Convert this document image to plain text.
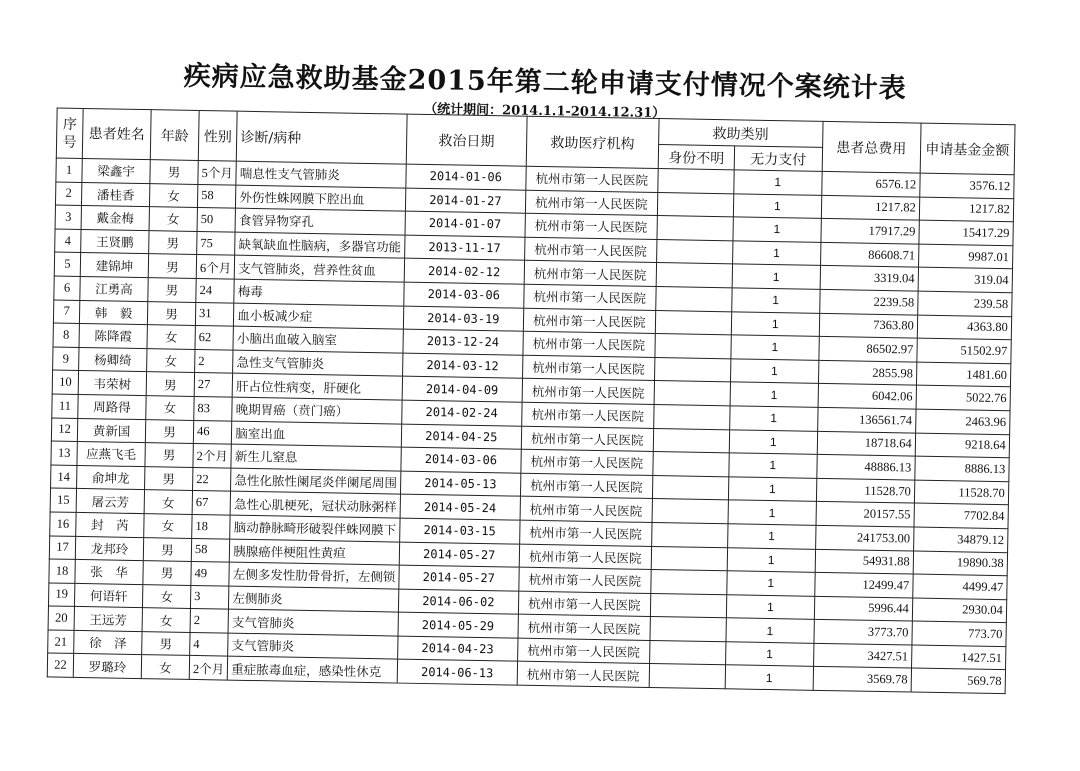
疾病应急救助基金2015年第二轮申请支付情况个案统计表
（统计期间：2014.1.1-2014.12.31）
序号	患者姓名	年龄	性别	诊断/病种	救治日期	救助医疗机构	救助类别		患者总费用	申请基金金额
							身份不明	无力支付		
1	梁鑫宇	男	5个月	喘息性支气管肺炎	2014-01-06	杭州市第一人民医院		1	6576.12	3576.12
2	潘桂香	女	58	外伤性蛛网膜下腔出血	2014-01-27	杭州市第一人民医院		1	1217.82	1217.82
3	戴金梅	女	50	食管异物穿孔	2014-01-07	杭州市第一人民医院		1	17917.29	15417.29
4	王贤鹏	男	75	缺氧缺血性脑病，多器官功能	2013-11-17	杭州市第一人民医院		1	86608.71	9987.01
5	建锦坤	男	6个月	支气管肺炎，营养性贫血	2014-02-12	杭州市第一人民医院		1	3319.04	319.04
6	江勇高	男	24	梅毒	2014-03-06	杭州市第一人民医院		1	2239.58	239.58
7	韩　毅	男	31	血小板减少症	2014-03-19	杭州市第一人民医院		1	7363.80	4363.80
8	陈降霞	女	62	小脑出血破入脑室	2013-12-24	杭州市第一人民医院		1	86502.97	51502.97
9	杨卿绮	女	2	急性支气管肺炎	2014-03-12	杭州市第一人民医院		1	2855.98	1481.60
10	韦荣树	男	27	肝占位性病变，肝硬化	2014-04-09	杭州市第一人民医院		1	6042.06	5022.76
11	周路得	女	83	晚期胃癌（贲门癌）	2014-02-24	杭州市第一人民医院		1	136561.74	2463.96
12	黄新国	男	46	脑室出血	2014-04-25	杭州市第一人民医院		1	18718.64	9218.64
13	应燕飞毛	男	2个月	新生儿窒息	2014-03-06	杭州市第一人民医院		1	48886.13	8886.13
14	俞坤龙	男	22	急性化脓性阑尾炎伴阑尾周围	2014-05-13	杭州市第一人民医院		1	11528.70	11528.70
15	屠云芳	女	67	急性心肌梗死，冠状动脉粥样	2014-05-24	杭州市第一人民医院		1	20157.55	7702.84
16	封　芮	女	18	脑动静脉畸形破裂伴蛛网膜下	2014-03-15	杭州市第一人民医院		1	241753.00	34879.12
17	龙邦玲	男	58	胰腺癌伴梗阻性黄疸	2014-05-27	杭州市第一人民医院		1	54931.88	19890.38
18	张　华	男	49	左侧多发性肋骨骨折，左侧锁	2014-05-27	杭州市第一人民医院		1	12499.47	4499.47
19	何语轩	女	3	左侧肺炎	2014-06-02	杭州市第一人民医院		1	5996.44	2930.04
20	王远芳	女	2	支气管肺炎	2014-05-29	杭州市第一人民医院		1	3773.70	773.70
21	徐　泽	男	4	支气管肺炎	2014-04-23	杭州市第一人民医院		1	3427.51	1427.51
22	罗璐玲	女	2个月	重症脓毒血症，感染性休克	2014-06-13	杭州市第一人民医院		1	3569.78	569.78
